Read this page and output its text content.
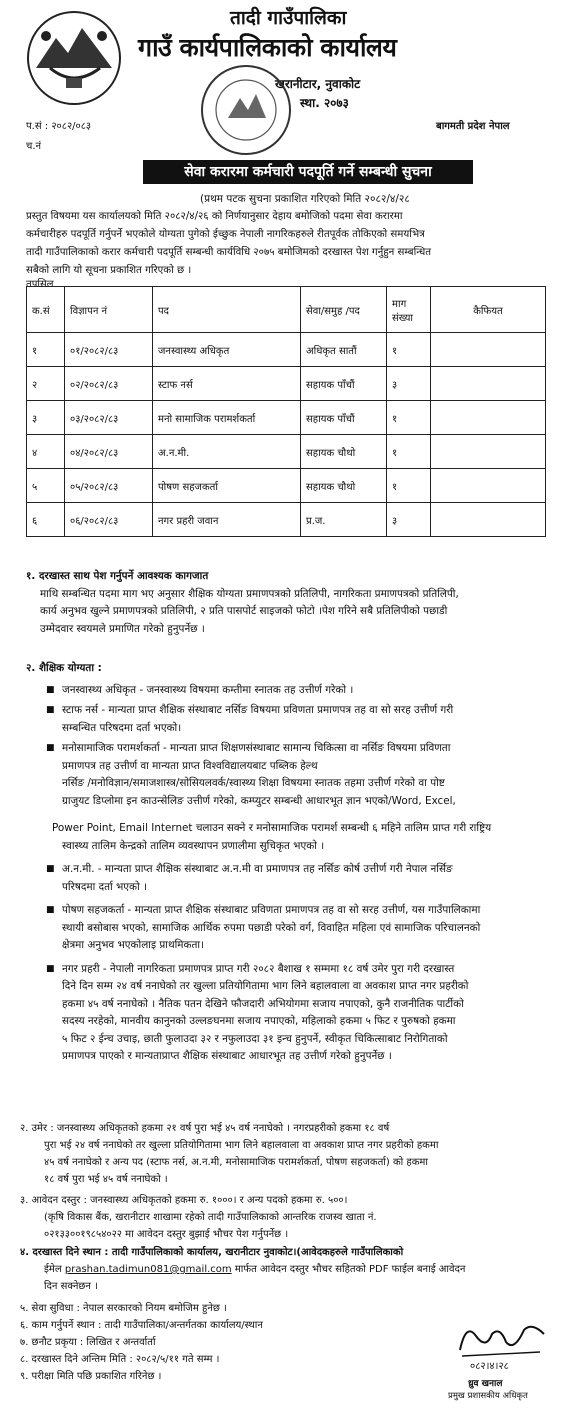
तादी गाउँपालिका
गाउँ कार्यपालिकाको कार्यालय
खरानीटार, नुवाकोट
स्था. २०७३
प.सं : २०८२/०८३
च.नं
बागमती प्रदेश नेपाल
सेवा करारमा कर्मचारी पदपूर्ति गर्ने सम्बन्धी सुचना
(प्रथम पटक सुचना प्रकाशित गरिएको मिति २०८२/४/२८
प्रस्तुत विषयमा यस कार्यालयको मिति २०८२/४/२६ को निर्णयानुसार देहाय बमोजिको पदमा सेवा करारमा
कर्मचारीहरु पदपूर्ति गर्नुपर्ने भएकोले योग्यता पुगेको ईच्छुक नेपाली नागरिकहरुले रीतपूर्वक तोकिएको समयभित्र
तादी गाउँपालिकाको करार कर्मचारी पदपूर्ति सम्बन्धी कार्यविधि २०७५ बमोजिमको दरखास्त पेश गर्नुहुन सम्बन्धित
सबैको लागि यो सूचना प्रकाशित गरिएको छ ।
तपसिल
क.सं	विज्ञापन नं	पद	सेवा/समुह /पद	माग संख्या	कैफियत
१	०१/२०८२/८३	जनस्वास्थ्य अधिकृत	अधिकृत सातौं	१	
२	०२/२०८२/८३	स्टाफ नर्स	सहायक पाँचौं	३	
३	०३/२०८२/८३	मनो सामाजिक परामर्शकर्ता	सहायक पाँचौं	१	
४	०४/२०८२/८३	अ.न.मी.	सहायक चौथो	१	
५	०५/२०८२/८३	पोषण सहजकर्ता	सहायक चौथो	१	
६	०६/२०८२/८३	नगर प्रहरी जवान	प्र.ज.	३	
१. दरखास्त साथ पेश गर्नुपर्ने आवश्यक कागजात
माथि सम्बन्धित पदमा माग भए अनुसार शैक्षिक योग्यता प्रमाणपत्रको प्रतिलिपी, नागरिकता प्रमाणपत्रको प्रतिलिपी,
कार्य अनुभव खुल्ने प्रमाणपत्रको प्रतिलिपी, २ प्रति पासपोर्ट साइजको फोटो ।पेश गरिने सबै प्रतिलिपीको पछाडी
उम्मेदवार स्वयमले प्रमाणित गरेको हुनुपर्नेछ ।
२. शैक्षिक योग्यता :
■ जनस्वास्थ्य अधिकृत - जनस्वास्थ्य विषयमा कम्तीमा स्नातक तह उत्तीर्ण गरेको ।
■ स्टाफ नर्स - मान्यता प्राप्त शैक्षिक संस्थाबाट नर्सिङ विषयमा प्रविणता प्रमाणपत्र तह वा सो सरह उत्तीर्ण गरी
सम्बन्धित परिषदमा दर्ता भएको।
■ मनोसामाजिक परामर्शकर्ता - मान्यता प्राप्त शिक्षणसंस्थाबाट सामान्य चिकित्सा वा नर्सिङ विषयमा प्रविणता
प्रमाणपत्र तह उत्तीर्ण वा मान्यता प्राप्त विश्वविद्यालयबाट पब्लिक हेल्थ
नर्सिङ /मनोविज्ञान/समाजशास्त्र/सोसियलवर्क/स्वास्थ्य शिक्षा विषयमा स्नातक तहमा उत्तीर्ण गरेको वा पोष्ट
ग्राजुयट डिप्लोमा इन काउन्सेलिङ उत्तीर्ण गरेको, कम्प्युटर सम्बन्धी आधारभूत ज्ञान भएको/Word, Excel,
Power Point, Email Internet चलाउन सक्ने र मनोसामाजिक परामर्श सम्बन्धी ६ महिने तालिम प्राप्त गरी राष्ट्रिय
स्वास्थ्य तालिम केन्द्रको तालिम व्यवस्थापन प्रणालीमा सुचिकृत भएको ।
■ अ.न.मी. - मान्यता प्राप्त शैक्षिक संस्थाबाट अ.न.मी वा प्रमाणपत्र तह नर्सिङ कोर्ष उत्तीर्ण गरी नेपाल नर्सिङ
परिषदमा दर्ता भएको ।
■ पोषण सहजकर्ता - मान्यता प्राप्त शैक्षिक संस्थाबाट प्रविणता प्रमाणपत्र तह वा सो सरह उत्तीर्ण, यस गाउँपालिकामा
स्थायी बसोबास भएको, सामाजिक आर्थिक रुपमा पछाडी परेको वर्ग, विवाहित महिला एवं सामाजिक परिचालनको
क्षेत्रमा अनुभव भएकोलाइ प्राथमिकता।
■ नगर प्रहरी - नेपाली नागरिकता प्रमाणपत्र प्राप्त गरी २०८२ बैशाख १ सम्ममा १८ वर्ष उमेर पुरा गरी दरखास्त
दिने दिन सम्म २४ वर्ष ननाघेको तर खुल्ला प्रतियोगितामा भाग लिने बहालवाला वा अवकाश प्राप्त नगर प्रहरीको
हकमा ४५ वर्ष ननाघेको । नैतिक पतन देखिने फौजदारी अभियोगमा सजाय नपाएको, कुनै राजनीतिक पार्टीको
सदस्य नरहेको, मानवीय कानुनको उल्लङघनमा सजाय नपाएको, महिलाको हकमा ५ फिट र पुरुषको हकमा
५ फिट २ ईन्च उचाइ, छाती फुलाउदा ३२ र नफुलाउदा ३१ इन्च हुनुपर्ने, स्वीकृत चिकित्साबाट निरोगिताको
प्रमाणपत्र पाएको र मान्यताप्राप्त शैक्षिक संस्थाबाट आधारभूत तह उत्तीर्ण गरेको हुनुपर्नेछ ।
२. उमेर : जनस्वास्थ्य अधिकृतको हकमा २१ वर्ष पुरा भई ४५ वर्ष ननाघेको । नगरप्रहरीको हकमा १८ वर्ष
पुरा भई २४ वर्ष ननाघेको तर खुल्ला प्रतियोगितामा भाग लिने बहालवाला वा अवकाश प्राप्त नगर प्रहरीको हकमा
४५ वर्ष ननाघेको र अन्य पद (स्टाफ नर्स, अ.न.मी, मनोसामाजिक परामर्शकर्ता, पोषण सहजकर्ता) को हकमा
१८ वर्ष पुरा भई ४५ वर्ष ननाघेको ।
३. आवेदन दस्तुर : जनस्वास्थ्य अधिकृतको हकमा रु. १०००। र अन्य पदको हकमा रु. ५००।
(कृषि विकास बैंक, खरानीटार शाखामा रहेको तादी गाउँपालिकाको आन्तरिक राजस्व खाता नं.
०२१३३००१९८५४०२२ मा आवेदन दस्तुर बुझाई भौचर पेश गर्नुपर्नेछ ।
४. दरखास्त दिने स्थान : तादी गाउँपालिकाको कार्यालय, खरानीटार नुवाकोट।(आवेदकहरुले गाउँपालिकाको
ईमेल prashan.tadimun081@gmail.com मार्फत आवेदन दस्तुर भौचर सहितको PDF फाईल बनाई आवेदन
दिन सक्नेछन ।
५. सेवा सुविधा : नेपाल सरकारको नियम बमोजिम हुनेछ ।
६. काम गर्नुपर्ने स्थान : तादी गाउँपालिका/अन्तर्गतका कार्यालय/स्थान
७. छनौट प्रकृया : लिखित र अन्तर्वार्ता
८. दरखास्त दिने अन्तिम मिति : २०८२/५/११ गते सम्म ।
९. परीक्षा मिति पछि प्रकाशित गरिनेछ ।
०८२।४।२८
ध्रुव खनाल
प्रमुख प्रशासकीय अधिकृत
